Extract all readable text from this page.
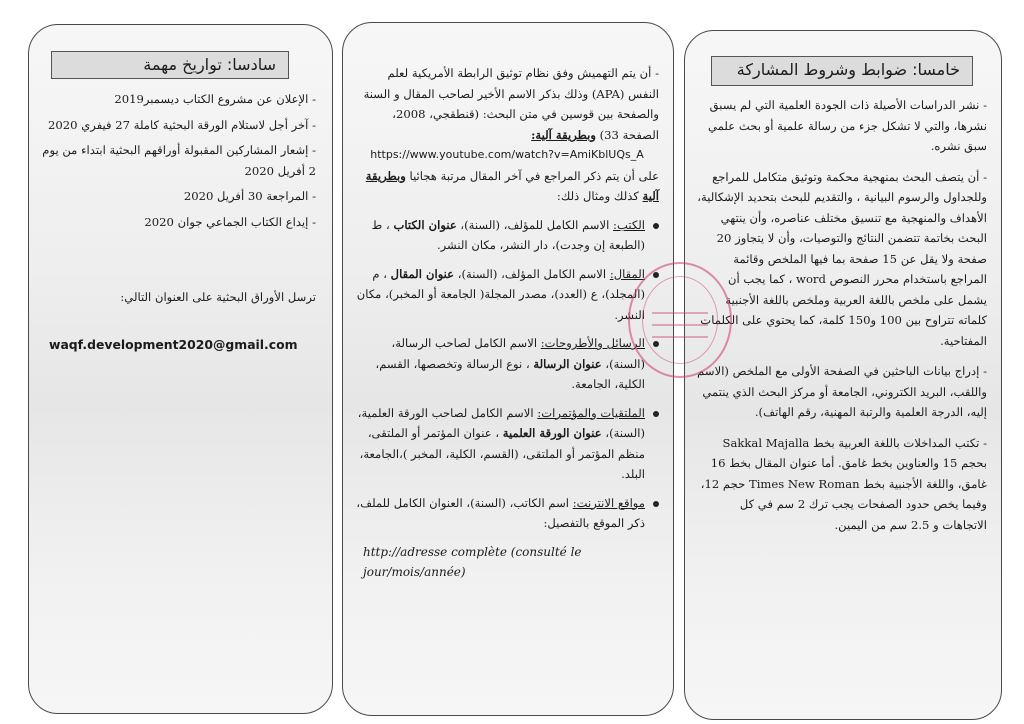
سادسا: تواريخ مهمة
- الإعلان عن مشروع الكتاب ديسمبر2019
- آخر أجل لاستلام الورقة البحثية كاملة 27 فيفري 2020
- إشعار المشاركين المقبولة أوراقهم البحثية ابتداء من يوم 2 أفريل 2020
- المراجعة 30 أفريل 2020
- إيداع الكتاب الجماعي جوان 2020
ترسل الأوراق البحثية على العنوان التالي:
waqf.development2020@gmail.com
- أن يتم التهميش وفق نظام توثيق الرابطة الأمريكية لعلم النفس (APA) وذلك بذكر الاسم الأخير لصاحب المقال و السنة والصفحة بين قوسين في متن البحث: (قنطقجي، 2008، الصفحة 33) وبطريقة آلية:
https://www.youtube.com/watch?v=AmiKblUQs_A
على أن يتم ذكر المراجع في آخر المقال مرتبة هجائيا وبطريقة آلية كذلك ومثال ذلك:
الكتب: الاسم الكامل للمؤلف، (السنة)، عنوان الكتاب ، ط (الطبعة إن وجدت)، دار النشر، مكان النشر.
المقال: الاسم الكامل المؤلف، (السنة)، عنوان المقال ، م (المجلد)، ع (العدد)، مصدر المجلة( الجامعة أو المخبر)، مكان النشر.
الرسائل والأطروحات: الاسم الكامل لصاحب الرسالة، (السنة)، عنوان الرسالة ، نوع الرسالة وتخصصها، القسم، الكلية، الجامعة.
الملتقيات والمؤتمرات: الاسم الكامل لصاحب الورقة العلمية، (السنة)، عنوان الورقة العلمية ، عنوان المؤتمر أو الملتقى، منظم المؤتمر أو الملتقى، (القسم، الكلية، المخبر )،الجامعة، البلد.
مواقع الانترنت: اسم الكاتب، (السنة)، العنوان الكامل للملف، ذكر الموقع بالتفصيل:
http://adresse complète (consulté le jour/mois/année)
خامسا: ضوابط وشروط المشاركة

- نشر الدراسات الأصيلة ذات الجودة العلمية التي لم يسبق نشرها، والتي لا تشكل جزء من رسالة علمية أو بحث علمي سبق نشره.

- أن يتصف البحث بمنهجية محكمة وتوثيق متكامل للمراجع وللجداول والرسوم البيانية ، والتقديم للبحث بتحديد الإشكالية، الأهداف والمنهجية مع تنسيق مختلف عناصره، وأن ينتهي البحث بخاتمة تتضمن النتائج والتوصيات، وأن لا يتجاوز 20 صفحة ولا يقل عن 15 صفحة بما فيها الملخص وقائمة المراجع باستخدام محرر النصوص word ، كما يجب أن يشمل على ملخص باللغة العربية وملخص باللغة الأجنبية كلماته تتراوح بين 100 و150 كلمة، كما يحتوي على الكلمات المفتاحية.

- إدراج بيانات الباحثين في الصفحة الأولى مع الملخص (الاسم واللقب، البريد الكتروني، الجامعة أو مركز البحث الذي ينتمي إليه، الدرجة العلمية والرتبة المهنية، رقم الهاتف).

- تكتب المداخلات باللغة العربية بخط Sakkal Majalla بحجم 15 والعناوين بخط غامق. أما عنوان المقال بخط 16 غامق، واللغة الأجنبية بخط Times New Roman حجم 12، وفيما يخص حدود الصفحات يجب ترك 2 سم في كل الاتجاهات و 2.5 سم من اليمين.
